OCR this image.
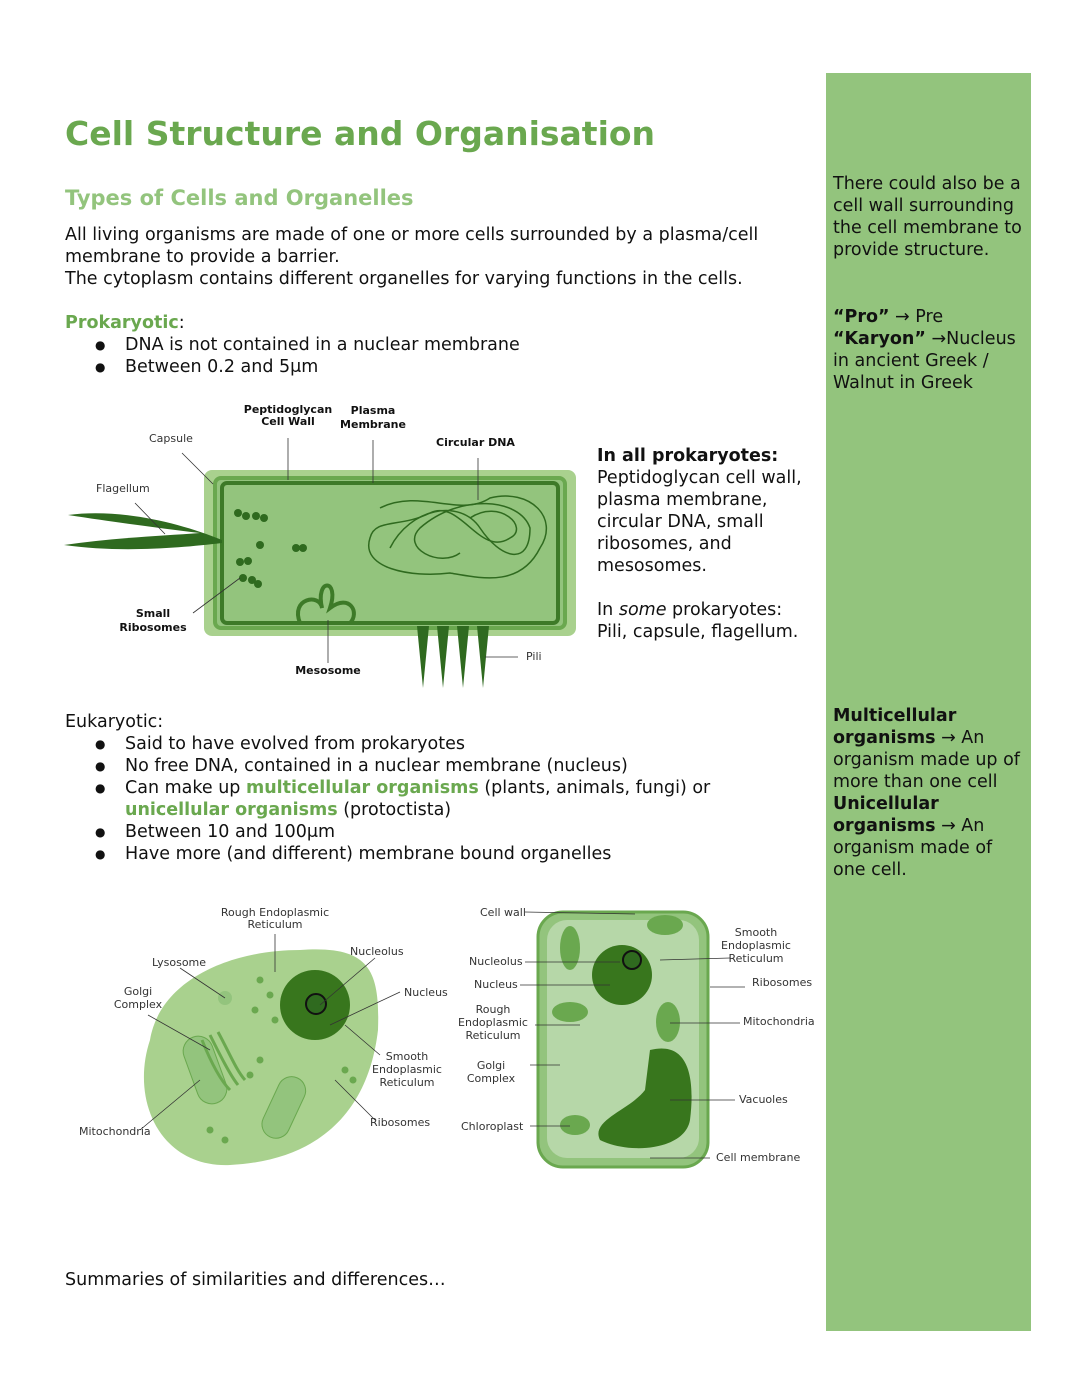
Cell Structure and Organisation
Types of Cells and Organelles

All living organisms are made of one or more cells surrounded by a plasma/cell membrane to provide a barrier.

The cytoplasm contains different organelles for varying functions in the cells.

Prokaryotic:

● DNA is not contained in a nuclear membrane
● Between 0.2 and 5μm
Peptidoglycan
Cell Wall
Plasma
Membrane
Capsule	Circular DNA
Flagellum
Small
Ribosomes
Mesosome
Pili

In all prokaryotes:

Peptidoglycan cell wall, plasma membrane, circular DNA, small ribosomes, and mesosomes.

In some prokaryotes: Pili, capsule, flagellum.

Eukaryotic:

● Said to have evolved from prokaryotes
● No free DNA, contained in a nuclear membrane (nucleus)
● Can make up multicellular organisms (plants, animals, fungi) or unicellular organisms (protoctista)
● Between 10 and 100μm
● Have more (and different) membrane bound organelles
Rough Endoplasmic
Reticulum
Lysosome
Nucleolus
Nucleus
Golgi
Complex
Smooth
Endoplasmic
Reticulum
Mitochondria
Ribosomes
Cell wall
Nucleolus
Nucleus
Rough
Endoplasmic
Reticulum
Golgi
Complex
Chloroplast
Smooth
Endoplasmic
Reticulum
Ribosomes
Mitochondria
Vacuoles
Cell membrane

Summaries of similarities and differences…

There could also be a cell wall surrounding the cell membrane to provide structure.

“Pro” → Pre

“Karyon” →Nucleus in ancient Greek / Walnut in Greek

Multicellular organisms → An organism made up of more than one cell

Unicellular organisms → An organism made of one cell.
